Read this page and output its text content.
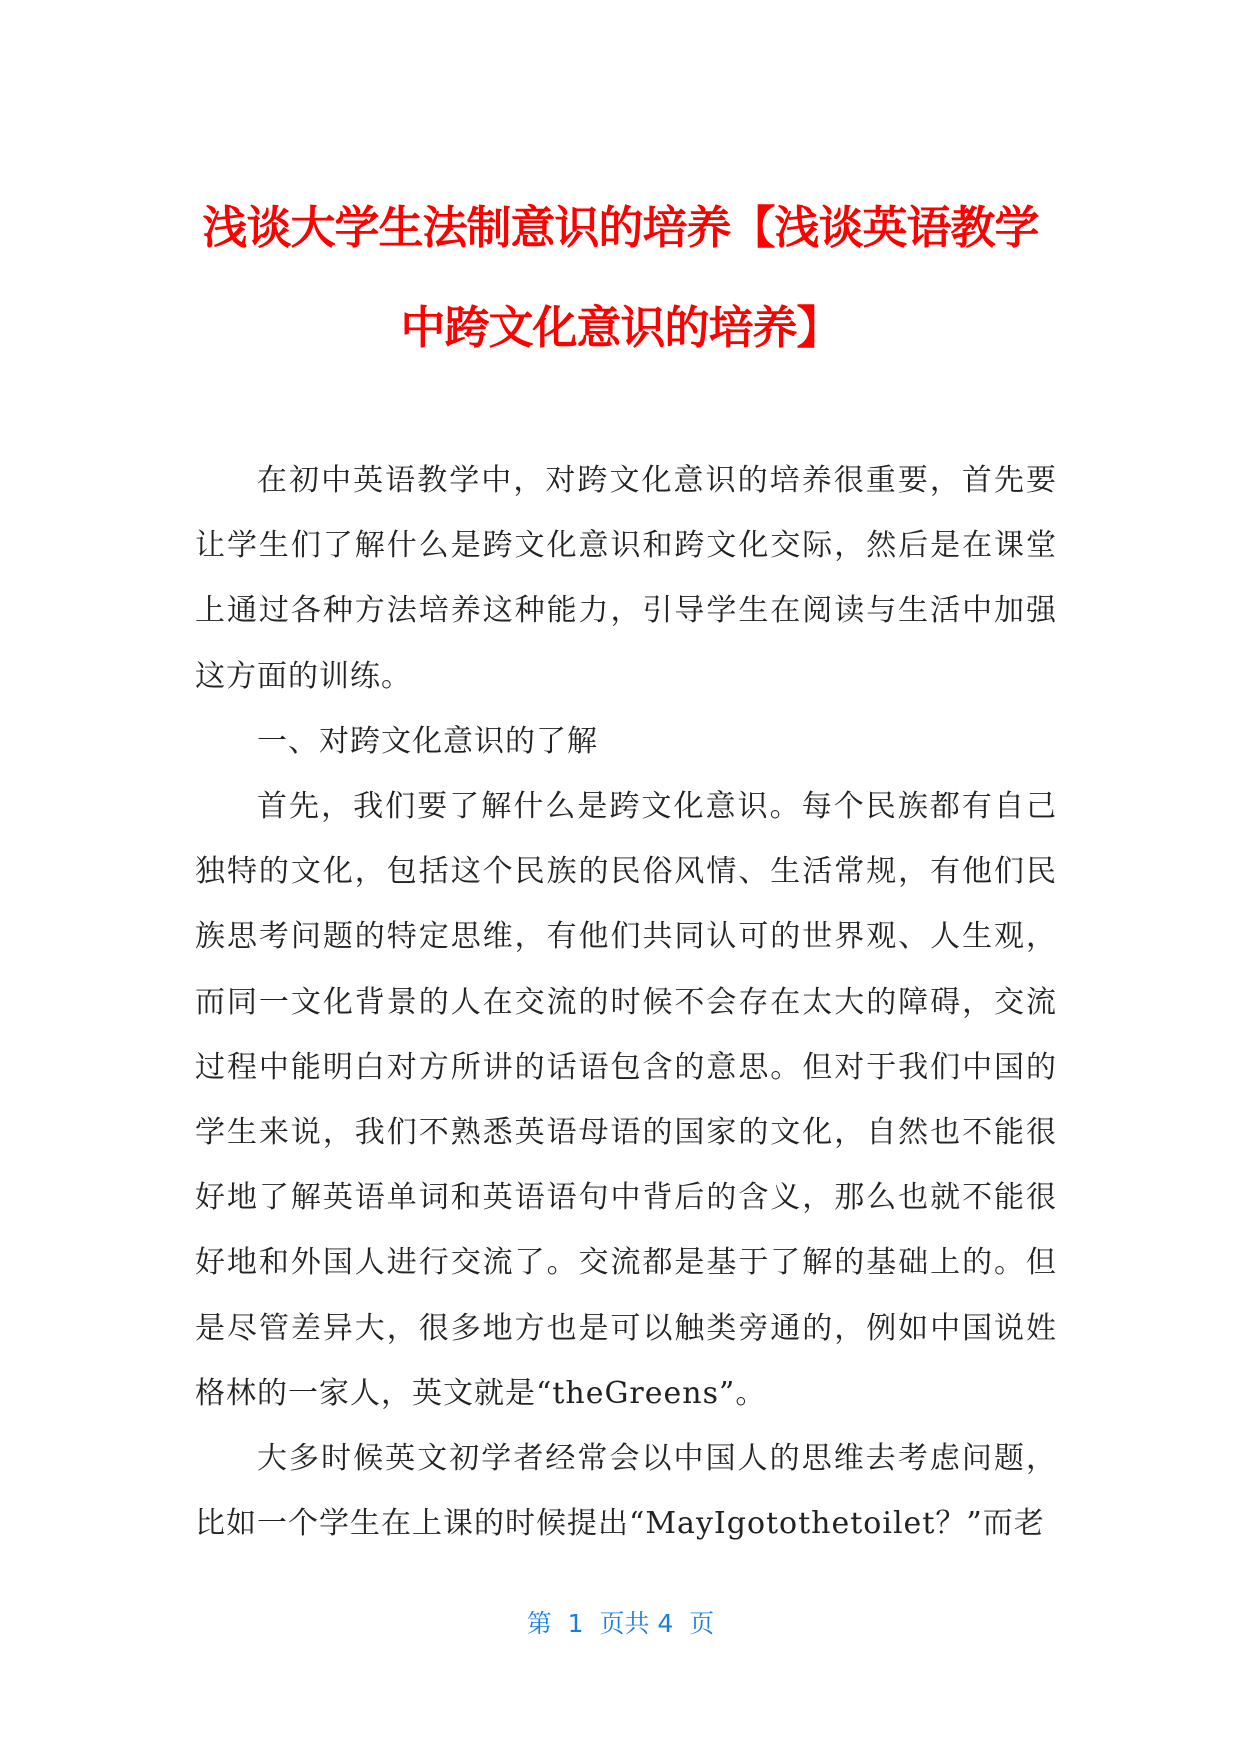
浅谈大学生法制意识的培养【浅谈英语教学
中跨文化意识的培养】

在初中英语教学中，对跨文化意识的培养很重要，首先要让学生们了解什么是跨文化意识和跨文化交际，然后是在课堂上通过各种方法培养这种能力，引导学生在阅读与生活中加强这方面的训练。

一、对跨文化意识的了解

首先，我们要了解什么是跨文化意识。每个民族都有自己独特的文化，包括这个民族的民俗风情、生活常规，有他们民族思考问题的特定思维，有他们共同认可的世界观、人生观，而同一文化背景的人在交流的时候不会存在太大的障碍，交流过程中能明白对方所讲的话语包含的意思。但对于我们中国的学生来说，我们不熟悉英语母语的国家的文化，自然也不能很好地了解英语单词和英语语句中背后的含义，那么也就不能很好地和外国人进行交流了。交流都是基于了解的基础上的。但是尽管差异大，很多地方也是可以触类旁通的，例如中国说姓格林的一家人，英文就是“theGreens”。

大多时候英文初学者经常会以中国人的思维去考虑问题，比如一个学生在上课的时候提出“MayIgotothetoilet？”而老

第  1  页共 4  页
